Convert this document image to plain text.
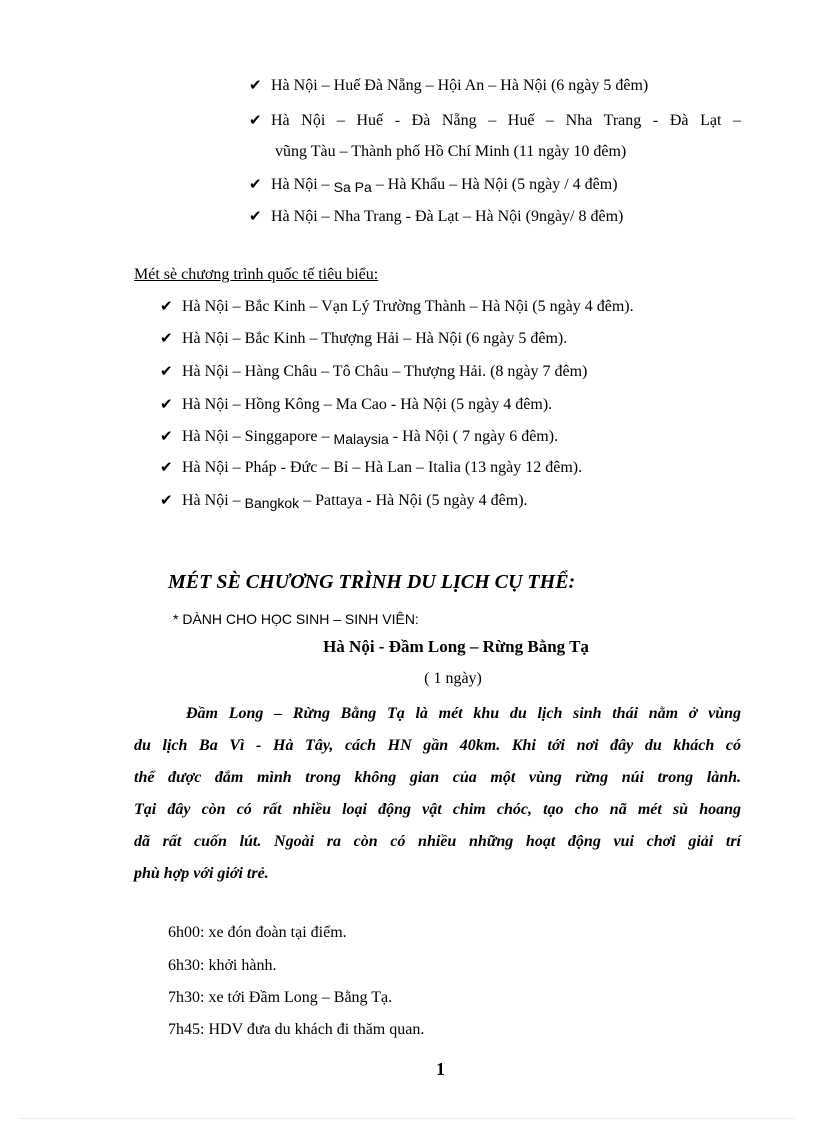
✔ Hà Nội – Huế Đà Nẵng – Hội An – Hà Nội (6 ngày 5 đêm)
✔ Hà Nội – Huế - Đà Nẵng – Huế – Nha Trang - Đà Lạt –
vũng Tàu – Thành phố Hồ Chí Minh (11 ngày 10 đêm)
✔ Hà Nội – Sa Pa – Hà Khẩu – Hà Nội (5 ngày / 4 đêm)
✔ Hà Nội – Nha Trang - Đà Lạt – Hà Nội (9ngày/ 8 đêm)
Mét sè chương trình quốc tế tiêu biểu:
✔ Hà Nội – Bắc Kinh – Vạn Lý Trường Thành – Hà Nội (5 ngày 4 đêm).
✔ Hà Nội – Bắc Kinh – Thượng Hải – Hà Nội (6 ngày 5 đêm).
✔ Hà Nội – Hàng Châu – Tô Châu – Thượng Hải. (8 ngày 7 đêm)
✔ Hà Nội – Hồng Kông – Ma Cao - Hà Nội (5 ngày 4 đêm).
✔ Hà Nội – Singgapore – Malaysia - Hà Nội ( 7 ngày 6 đêm).
✔ Hà Nội – Pháp - Đức – Bỉ – Hà Lan – Italia (13 ngày 12 đêm).
✔ Hà Nội – Bangkok – Pattaya - Hà Nội (5 ngày 4 đêm).
MÉT SÈ CHƯƠNG TRÌNH DU LỊCH CỤ THỂ:
* DÀNH CHO HỌC SINH – SINH VIÊN:
Hà Nội - Đầm Long – Rừng Bằng Tạ
( 1 ngày)
Đầm Long – Rừng Bằng Tạ là mét khu du lịch sinh thái nằm ở vùng
du lịch Ba Vì - Hà Tây, cách HN gần 40km. Khi tới nơi đây du khách có
thể được đắm mình trong không gian của một vùng rừng núi trong lành.
Tại đây còn có rất nhiều loại động vật chim chóc, tạo cho nã mét sù hoang
dã rất cuốn lút. Ngoài ra còn có nhiều những hoạt động vui chơi giải trí
phù hợp với giới trẻ.
6h00: xe đón đoàn tại điểm.
6h30: khởi hành.
7h30: xe tới Đầm Long – Bằng Tạ.
7h45: HDV đưa du khách đi thăm quan.
1
